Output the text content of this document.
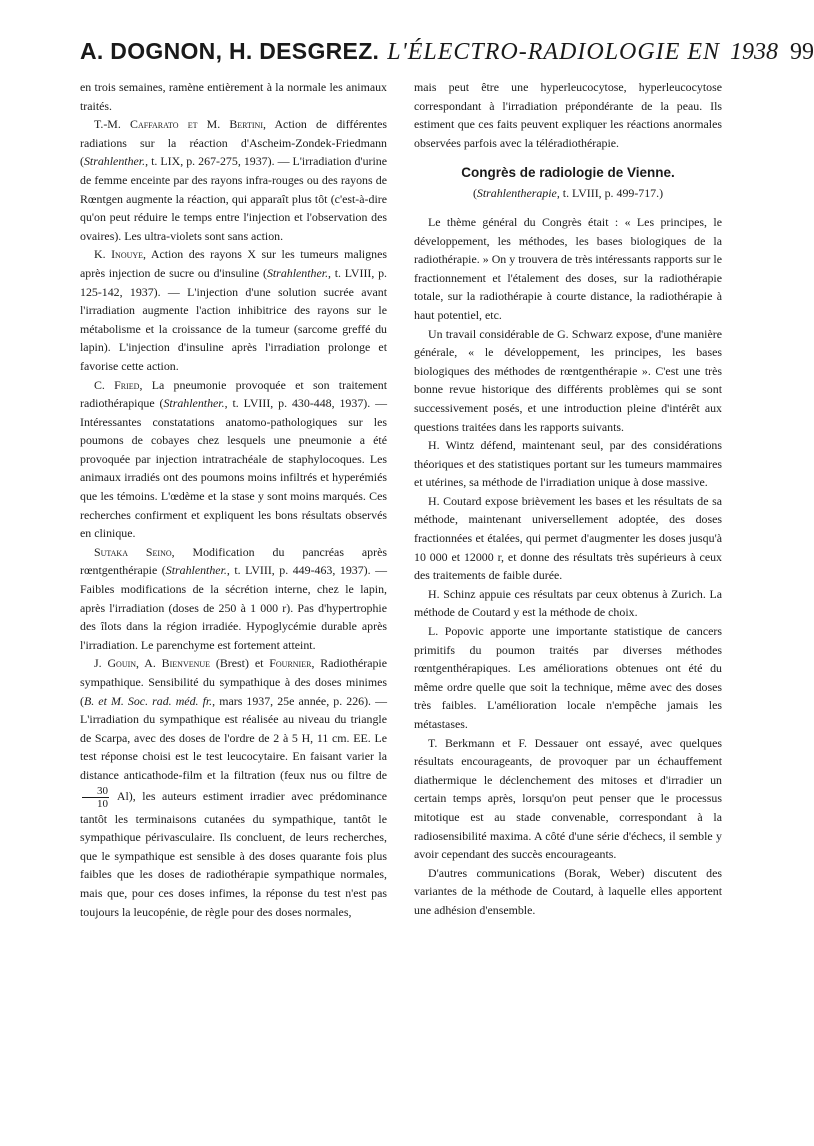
A. DOGNON, H. DESGREZ. L'ÉLECTRO-RADIOLOGIE EN 1938 99

en trois semaines, ramène entièrement à la normale les animaux traités.

T.-M. Caffarato et M. Bertini, Action de différentes radiations sur la réaction d'Ascheim-Zondek-Friedmann (Strahlenther., t. LIX, p. 267-275, 1937). — L'irradiation d'urine de femme enceinte par des rayons infra-rouges ou des rayons de Rœntgen augmente la réaction, qui apparaît plus tôt (c'est-à-dire qu'on peut réduire le temps entre l'injection et l'observation des ovaires). Les ultra-violets sont sans action.

K. Inouye, Action des rayons X sur les tumeurs malignes après injection de sucre ou d'insuline (Strahlenther., t. LVIII, p. 125-142, 1937). — L'injection d'une solution sucrée avant l'irradiation augmente l'action inhibitrice des rayons sur le métabolisme et la croissance de la tumeur (sarcome greffé du lapin). L'injection d'insuline après l'irradiation prolonge et favorise cette action.

C. Fried, La pneumonie provoquée et son traitement radiothérapique (Strahlenther., t. LVIII, p. 430-448, 1937). — Intéressantes constatations anatomo-pathologiques sur les poumons de cobayes chez lesquels une pneumonie a été provoquée par injection intratrachéale de staphylocoques. Les animaux irradiés ont des poumons moins infiltrés et hyperémiés que les témoins. L'œdème et la stase y sont moins marqués. Ces recherches confirment et expliquent les bons résultats observés en clinique.

Sutaka Seino, Modification du pancréas après rœntgenthérapie (Strahlenther., t. LVIII, p. 449-463, 1937). — Faibles modifications de la sécrétion interne, chez le lapin, après l'irradiation (doses de 250 à 1 000 r). Pas d'hypertrophie des îlots dans la région irradiée. Hypoglycémie durable après l'irradiation. Le parenchyme est fortement atteint.

J. Gouin, A. Bienvenue (Brest) et Fournier, Radiothérapie sympathique. Sensibilité du sympathique à des doses minimes (B. et M. Soc. rad. méd. fr., mars 1937, 25e année, p. 226). — L'irradiation du sympathique est réalisée au niveau du triangle de Scarpa, avec des doses de l'ordre de 2 à 5 H, 11 cm. EE. Le test réponse choisi est le test leucocytaire. En faisant varier la distance anticathode-film et la filtration (feux nus ou filtre de
$\frac{30}{10} Al$), les auteurs estiment irradier avec prédominance tantôt les terminaisons cutanées du sympathique, tantôt le sympathique périvasculaire. Ils concluent, de leurs recherches, que le sympathique est sensible à des doses quarante fois plus faibles que les doses de radiothérapie sympathique normales, mais que, pour ces doses infimes, la réponse du test n'est pas toujours la leucopénie, de règle pour des doses normales,

mais peut être une hyperleucocytose, hyperleucocytose correspondant à l'irradiation prépondérante de la peau. Ils estiment que ces faits peuvent expliquer les réactions anormales observées parfois avec la téléradiothérapie.

Congrès de radiologie de Vienne.
(Strahlentherapie, t. LVIII, p. 499-717.)

Le thème général du Congrès était : « Les principes, le développement, les méthodes, les bases biologiques de la radiothérapie. » On y trouvera de très intéressants rapports sur le fractionnement et l'étalement des doses, sur la radiothérapie totale, sur la radiothérapie à courte distance, la radiothérapie à haut potentiel, etc.

Un travail considérable de G. Schwarz expose, d'une manière générale, « le développement, les principes, les bases biologiques des méthodes de rœntgenthérapie ». C'est une très bonne revue historique des différents problèmes qui se sont successivement posés, et une introduction pleine d'intérêt aux questions traitées dans les rapports suivants.

H. Wintz défend, maintenant seul, par des considérations théoriques et des statistiques portant sur les tumeurs mammaires et utérines, sa méthode de l'irradiation unique à dose massive.

H. Coutard expose brièvement les bases et les résultats de sa méthode, maintenant universellement adoptée, des doses fractionnées et étalées, qui permet d'augmenter les doses jusqu'à 10 000 et 12000 r, et donne des résultats très supérieurs à ceux des traitements de faible durée.

H. Schinz appuie ces résultats par ceux obtenus à Zurich. La méthode de Coutard y est la méthode de choix.

L. Popovic apporte une importante statistique de cancers primitifs du poumon traités par diverses méthodes rœntgenthérapiques. Les améliorations obtenues ont été du même ordre quelle que soit la technique, même avec des doses très faibles. L'amélioration locale n'empêche jamais les métastases.

T. Berkmann et F. Dessauer ont essayé, avec quelques résultats encourageants, de provoquer par un échauffement diathermique le déclenchement des mitoses et d'irradier un certain temps après, lorsqu'on peut penser que le processus mitotique est au stade convenable, correspondant à la radiosensibilité maxima. A côté d'une série d'échecs, il semble y avoir cependant des succès encourageants.

D'autres communications (Borak, Weber) discutent des variantes de la méthode de Coutard, à laquelle elles apportent une adhésion d'ensemble.
